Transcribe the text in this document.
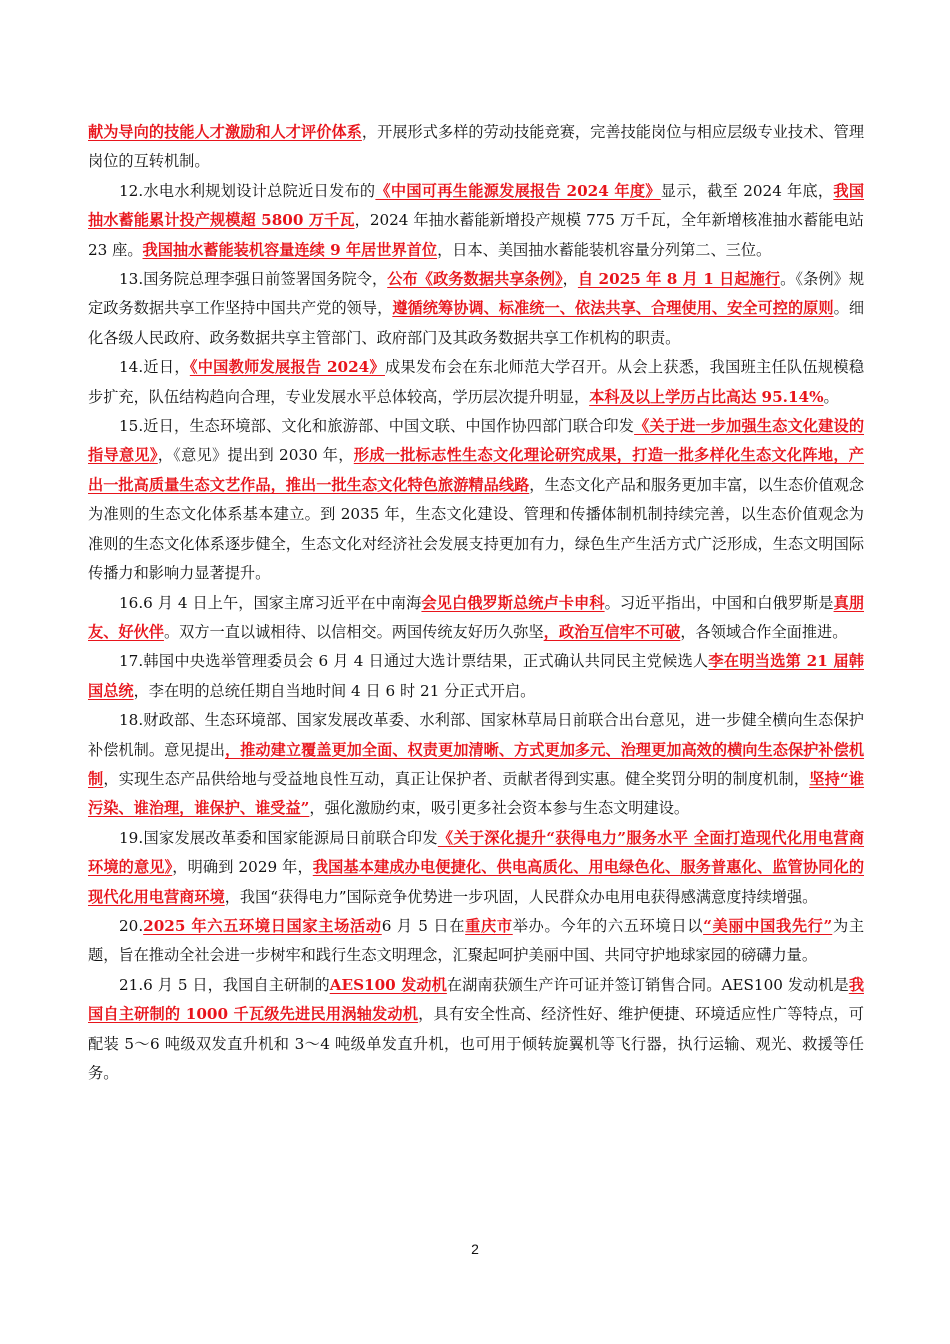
献为导向的技能人才激励和人才评价体系，开展形式多样的劳动技能竞赛，完善技能岗位与相应层级专业技术、管理岗位的互转机制。

12.水电水利规划设计总院近日发布的《中国可再生能源发展报告 2024 年度》显示，截至 2024 年底，我国抽水蓄能累计投产规模超 5800 万千瓦，2024 年抽水蓄能新增投产规模 775 万千瓦，全年新增核准抽水蓄能电站 23 座。我国抽水蓄能装机容量连续 9 年居世界首位，日本、美国抽水蓄能装机容量分列第二、三位。

13.国务院总理李强日前签署国务院令，公布《政务数据共享条例》，自 2025 年 8 月 1 日起施行。《条例》规定政务数据共享工作坚持中国共产党的领导，遵循统筹协调、标准统一、依法共享、合理使用、安全可控的原则。细化各级人民政府、政务数据共享主管部门、政府部门及其政务数据共享工作机构的职责。

14.近日，《中国教师发展报告 2024》成果发布会在东北师范大学召开。从会上获悉，我国班主任队伍规模稳步扩充，队伍结构趋向合理，专业发展水平总体较高，学历层次提升明显，本科及以上学历占比高达 95.14%。

15.近日，生态环境部、文化和旅游部、中国文联、中国作协四部门联合印发《关于进一步加强生态文化建设的指导意见》，《意见》提出到 2030 年，形成一批标志性生态文化理论研究成果，打造一批多样化生态文化阵地，产出一批高质量生态文艺作品，推出一批生态文化特色旅游精品线路，生态文化产品和服务更加丰富，以生态价值观念为准则的生态文化体系基本建立。到 2035 年，生态文化建设、管理和传播体制机制持续完善，以生态价值观念为准则的生态文化体系逐步健全，生态文化对经济社会发展支持更加有力，绿色生产生活方式广泛形成，生态文明国际传播力和影响力显著提升。

16.6 月 4 日上午，国家主席习近平在中南海会见白俄罗斯总统卢卡申科。习近平指出，中国和白俄罗斯是真朋友、好伙伴。双方一直以诚相待、以信相交。两国传统友好历久弥坚，政治互信牢不可破，各领域合作全面推进。

17.韩国中央选举管理委员会 6 月 4 日通过大选计票结果，正式确认共同民主党候选人李在明当选第 21 届韩国总统，李在明的总统任期自当地时间 4 日 6 时 21 分正式开启。

18.财政部、生态环境部、国家发展改革委、水利部、国家林草局日前联合出台意见，进一步健全横向生态保护补偿机制。意见提出，推动建立覆盖更加全面、权责更加清晰、方式更加多元、治理更加高效的横向生态保护补偿机制，实现生态产品供给地与受益地良性互动，真正让保护者、贡献者得到实惠。健全奖罚分明的制度机制，坚持“谁污染、谁治理，谁保护、谁受益”，强化激励约束，吸引更多社会资本参与生态文明建设。

19.国家发展改革委和国家能源局日前联合印发《关于深化提升“获得电力”服务水平 全面打造现代化用电营商环境的意见》，明确到 2029 年，我国基本建成办电便捷化、供电高质化、用电绿色化、服务普惠化、监管协同化的现代化用电营商环境，我国“获得电力”国际竞争优势进一步巩固，人民群众办电用电获得感满意度持续增强。

20.2025 年六五环境日国家主场活动6 月 5 日在重庆市举办。今年的六五环境日以“美丽中国我先行”为主题，旨在推动全社会进一步树牢和践行生态文明理念，汇聚起呵护美丽中国、共同守护地球家园的磅礴力量。

21.6 月 5 日，我国自主研制的AES100 发动机在湖南获颁生产许可证并签订销售合同。AES100 发动机是我国自主研制的 1000 千瓦级先进民用涡轴发动机，具有安全性高、经济性好、维护便捷、环境适应性广等特点，可配装 5～6 吨级双发直升机和 3～4 吨级单发直升机，也可用于倾转旋翼机等飞行器，执行运输、观光、救援等任务。

2
